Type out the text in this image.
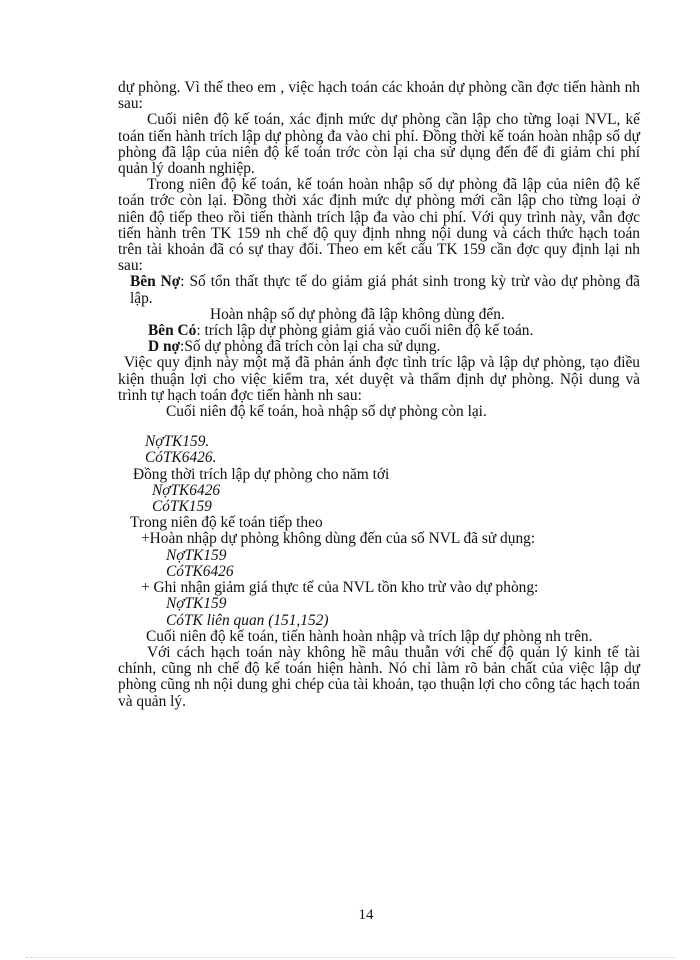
dự phòng. Vì thế theo em , việc hạch toán các khoản dự phòng cần đợc tiến hành nh sau:

Cuối niên độ kế toán, xác định mức dự phòng cần lập cho từng loại NVL, kế toán tiến hành trích lập dự phòng đa vào chi phí. Đồng thời kế toán hoàn nhập số dự phòng đã lập của niên độ kế toán trớc còn lại cha sử dụng đến để đi giảm chi phí quản lý doanh nghiệp.

Trong niên độ kế toán, kế toán hoàn nhập số dự phòng đã lập của niên độ kế toán trớc còn lại. Đồng thời xác định mức dự phòng mới cần lập cho từng loại ở niên độ tiếp theo rồi tiến thành trích lập đa vào chi phí. Với quy trình này, vẫn đợc tiến hành trên TK 159 nh chế độ quy định nhng nội dung và cách thức hạch toán trên tài khoản đã có sự thay đổi. Theo em kết cấu TK 159 cần đợc quy định lại nh sau:

Bên Nợ: Số tổn thất thực tế do giảm giá phát sinh trong kỳ trừ vào dự phòng đã lập.

Hoàn nhập số dự phòng đã lập không dùng đến.

Bên Có: trích lập dự phòng giảm giá vào cuối niên độ kế toán.

D nợ:Số dự phòng đã trích còn lại cha sử dụng.

Việc quy định này một mặ đã phản ánh đợc tình tríc lập và lập dự phòng, tạo điều kiện thuận lợi cho việc kiểm tra, xét duyệt và thẩm định dự phòng. Nội dung và trình tự hạch toán đợc tiến hành nh sau:

Cuối niên độ kế toán, hoà nhập số dự phòng còn lại.

NợTK159.

CóTK6426.

Đồng thời trích lập dự phòng cho năm tới

NợTK6426

CóTK159

Trong niên độ kế toán tiếp theo

+Hoàn nhập dự phòng không dùng đến của số NVL đã sử dụng:

NợTK159

CóTK6426

+ Ghi nhận giảm giá thực tế của NVL tồn kho trừ vào dự phòng:

NợTK159

CóTK liên quan (151,152)

Cuối niên độ kế toán, tiến hành hoàn nhập và trích lập dự phòng nh trên.

Với cách hạch toán này không hề mâu thuẫn với chế độ quản lý kinh tế tài chính, cũng nh chế độ kế toán hiện hành. Nó chỉ làm rõ bản chất của việc lập dự phòng cũng nh nội dung ghi chép của tài khoản, tạo thuận lợi cho công tác hạch toán và quản lý.

14
